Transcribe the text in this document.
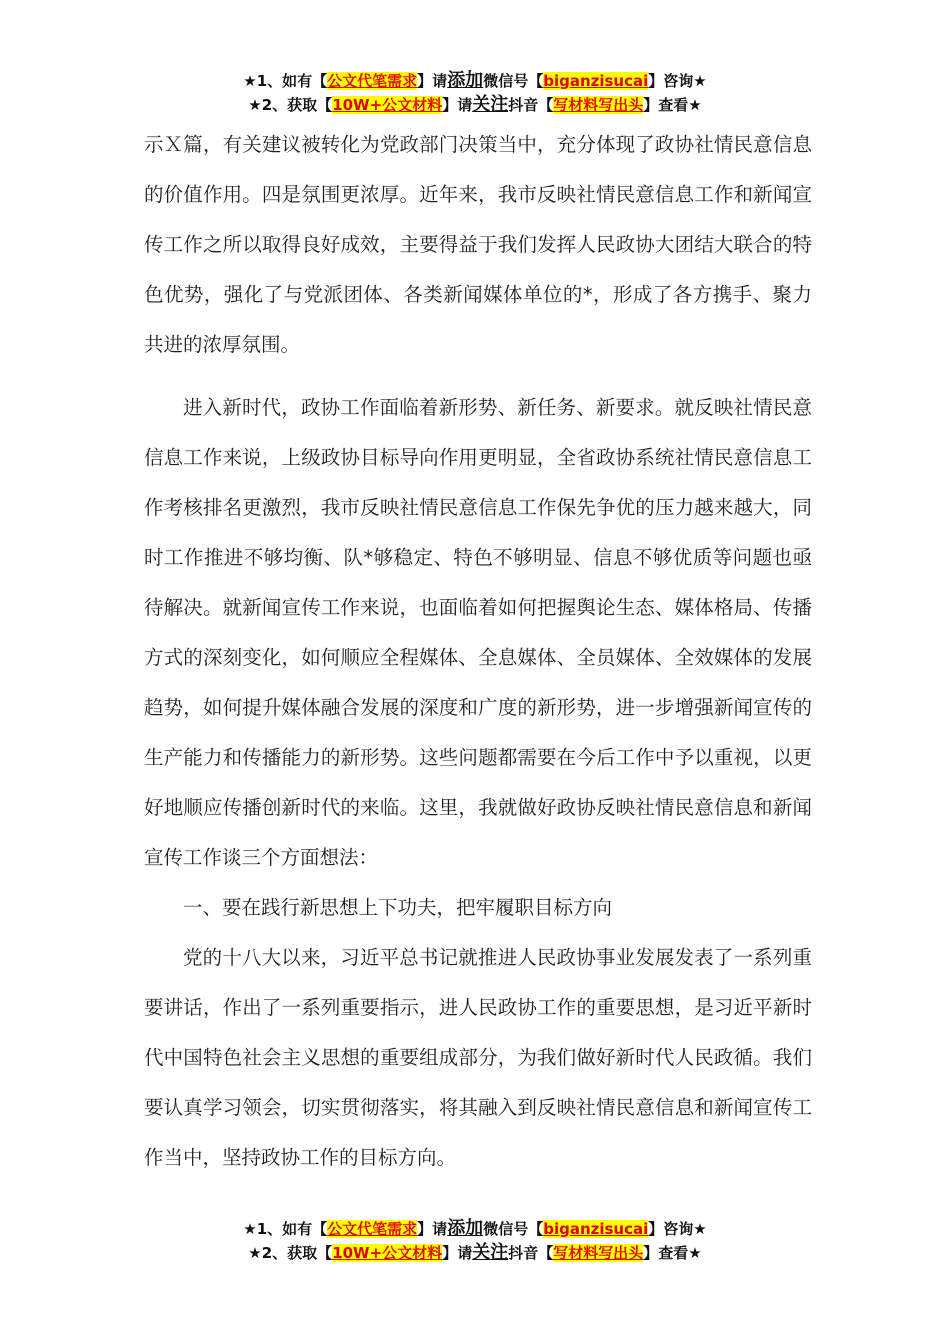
★1、如有【公文代笔需求】请添加微信号【biganzisucai】咨询★
★2、获取【10W+公文材料】请关注抖音【写材料写出头】查看★

示Ｘ篇，有关建议被转化为党政部门决策当中，充分体现了政协社情民意信息的价值作用。四是氛围更浓厚。近年来，我市反映社情民意信息工作和新闻宣传工作之所以取得良好成效，主要得益于我们发挥人民政协大团结大联合的特色优势，强化了与党派团体、各类新闻媒体单位的*，形成了各方携手、聚力共进的浓厚氛围。

进入新时代，政协工作面临着新形势、新任务、新要求。就反映社情民意信息工作来说，上级政协目标导向作用更明显，全省政协系统社情民意信息工作考核排名更激烈，我市反映社情民意信息工作保先争优的压力越来越大，同时工作推进不够均衡、队*够稳定、特色不够明显、信息不够优质等问题也亟待解决。就新闻宣传工作来说，也面临着如何把握舆论生态、媒体格局、传播方式的深刻变化，如何顺应全程媒体、全息媒体、全员媒体、全效媒体的发展趋势，如何提升媒体融合发展的深度和广度的新形势，进一步增强新闻宣传的生产能力和传播能力的新形势。这些问题都需要在今后工作中予以重视，以更好地顺应传播创新时代的来临。这里，我就做好政协反映社情民意信息和新闻宣传工作谈三个方面想法：

一、要在践行新思想上下功夫，把牢履职目标方向

党的十八大以来，习近平总书记就推进人民政协事业发展发表了一系列重要讲话，作出了一系列重要指示，进人民政协工作的重要思想，是习近平新时代中国特色社会主义思想的重要组成部分，为我们做好新时代人民政循。我们要认真学习领会，切实贯彻落实，将其融入到反映社情民意信息和新闻宣传工作当中，坚持政协工作的目标方向。

★1、如有【公文代笔需求】请添加微信号【biganzisucai】咨询★
★2、获取【10W+公文材料】请关注抖音【写材料写出头】查看★
